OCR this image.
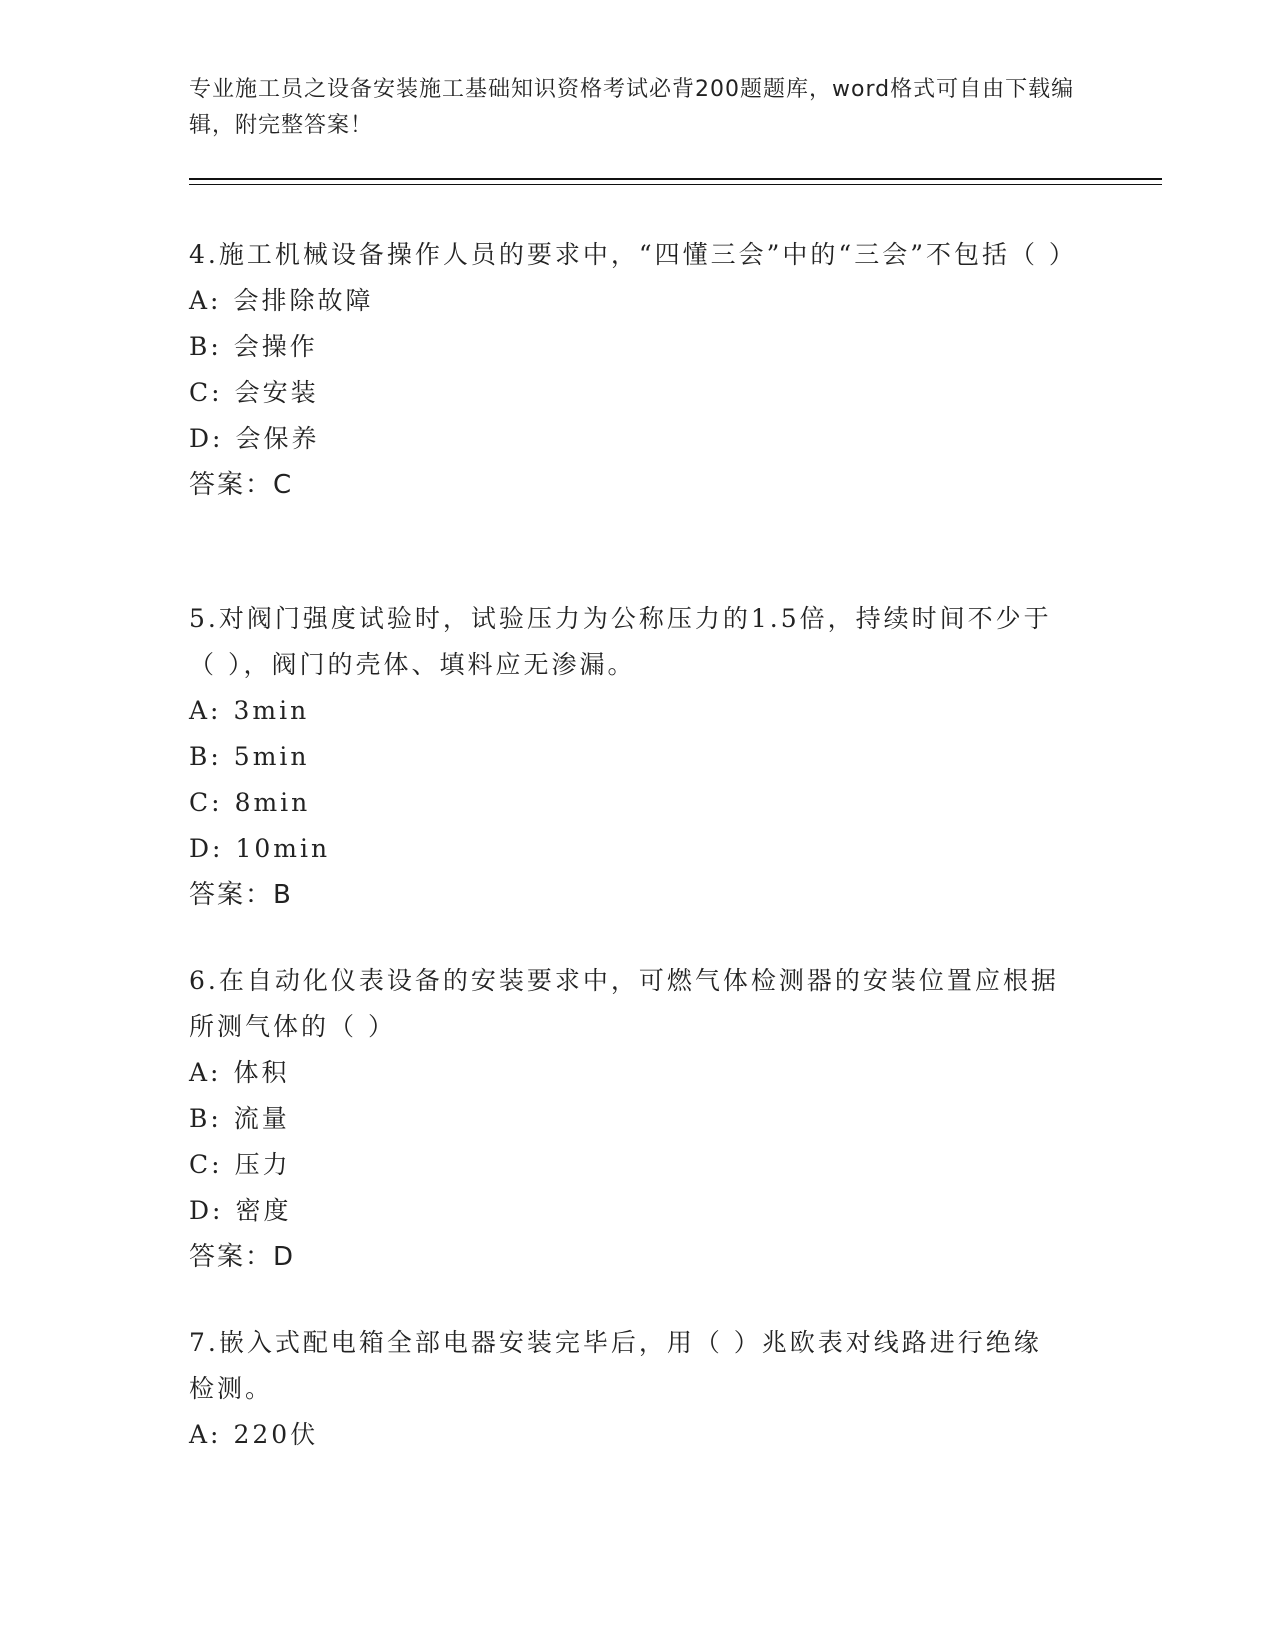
专业施工员之设备安装施工基础知识资格考试必背200题题库，word格式可自由下载编辑，附完整答案！

4.施工机械设备操作人员的要求中，“四懂三会”中的“三会”不包括（ ）

A: 会排除故障

B: 会操作

C: 会安装

D: 会保养

答案：C

5.对阀门强度试验时，试验压力为公称压力的1.5倍，持续时间不少于（ ），阀门的壳体、填料应无渗漏。

A: 3min

B: 5min

C: 8min

D: 10min

答案：B

6.在自动化仪表设备的安装要求中，可燃气体检测器的安装位置应根据所测气体的（ ）

A: 体积

B: 流量

C: 压力

D: 密度

答案：D

7.嵌入式配电箱全部电器安装完毕后，用（ ）兆欧表对线路进行绝缘检测。

A: 220伏
